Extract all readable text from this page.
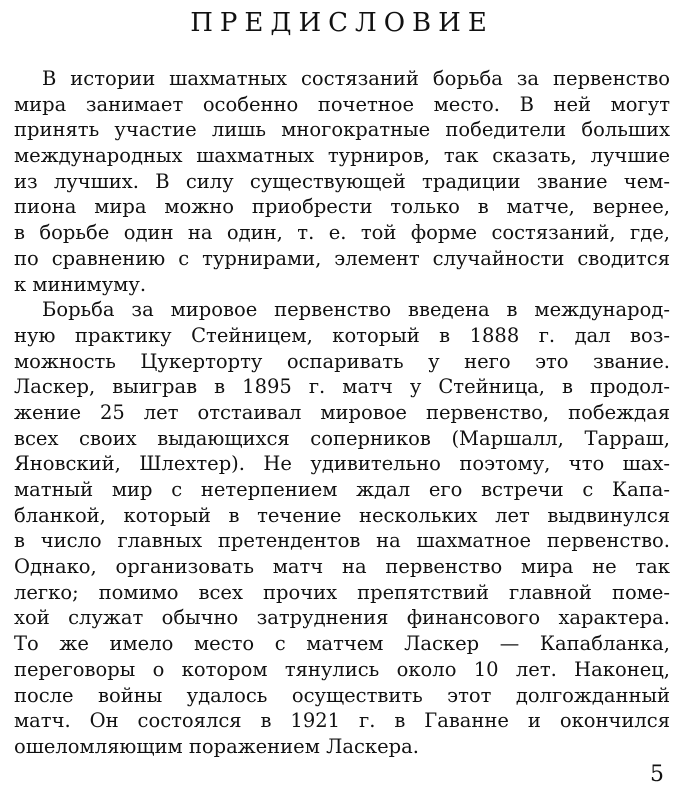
ПРЕДИСЛОВИЕ

В истории шахматных состязаний борьба за первенство
мира занимает особенно почетное место. В ней могут
принять участие лишь многократные победители больших
международных шахматных турниров, так сказать, лучшие
из лучших. В силу существующей традиции звание чем-
пиона мира можно приобрести только в матче, вернее,
в борьбе один на один, т. е. той форме состязаний, где,
по сравнению с турнирами, элемент случайности сводится
к минимуму.

Борьба за мировое первенство введена в международ-
ную практику Стейницем, который в 1888 г. дал воз-
можность Цукерторту оспаривать у него это звание.
Ласкер, выиграв в 1895 г. матч у Стейница, в продол-
жение 25 лет отстаивал мировое первенство, побеждая
всех своих выдающихся соперников (Маршалл, Тарраш,
Яновский, Шлехтер). Не удивительно поэтому, что шах-
матный мир с нетерпением ждал его встречи с Капа-
бланкой, который в течение нескольких лет выдвинулся
в число главных претендентов на шахматное первенство.
Однако, организовать матч на первенство мира не так
легко; помимо всех прочих препятствий главной поме-
хой служат обычно затруднения финансового характера.
То же имело место с матчем Ласкер — Капабланка,
переговоры о котором тянулись около 10 лет. Наконец,
после войны удалось осуществить этот долгожданный
матч. Он состоялся в 1921 г. в Гаванне и окончился
ошеломляющим поражением Ласкера.

5
